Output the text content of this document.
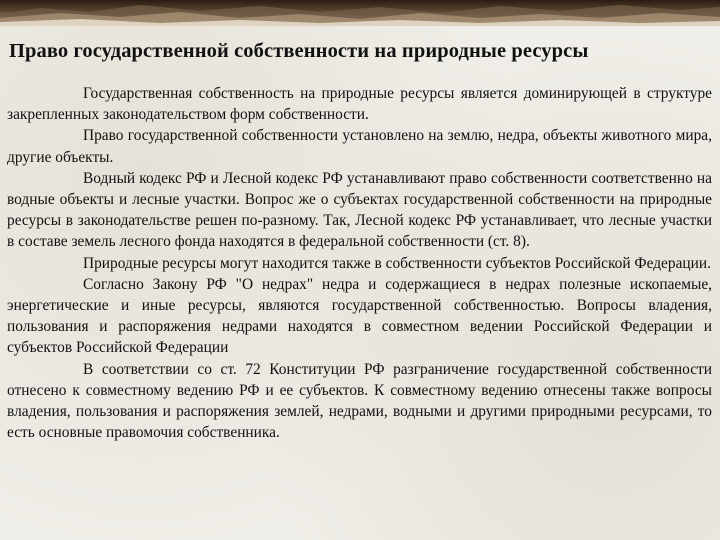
Право государственной собственности на природные ресурсы

Государственная собственность на природные ресурсы является доминирующей в структуре закрепленных законодательством форм собственности.

Право государственной собственности установлено на землю, недра, объекты животного мира, другие объекты.

Водный кодекс РФ и Лесной кодекс РФ устанавливают право собственности соответственно на водные объекты и лесные участки. Вопрос же о субъектах государственной собственности на природные ресурсы в законодательстве решен по-разному. Так, Лесной кодекс РФ устанавливает, что лесные участки в составе земель лесного фонда находятся в федеральной собственности (ст. 8).

Природные ресурсы могут находится также в собственности субъектов Российской Федерации.

Согласно Закону РФ "О недрах" недра и содержащиеся в недрах полезные ископаемые, энергетические и иные ресурсы, являются государственной собственностью. Вопросы владения, пользования и распоряжения недрами находятся в совместном ведении Российской Федерации и субъектов Российской Федерации

В соответствии со ст. 72 Конституции РФ разграничение государственной собственности отнесено к совместному ведению РФ и ее субъектов. К совместному ведению отнесены также вопросы владения, пользования и распоряжения землей, недрами, водными и другими природными ресурсами, то есть основные правомочия собственника.
